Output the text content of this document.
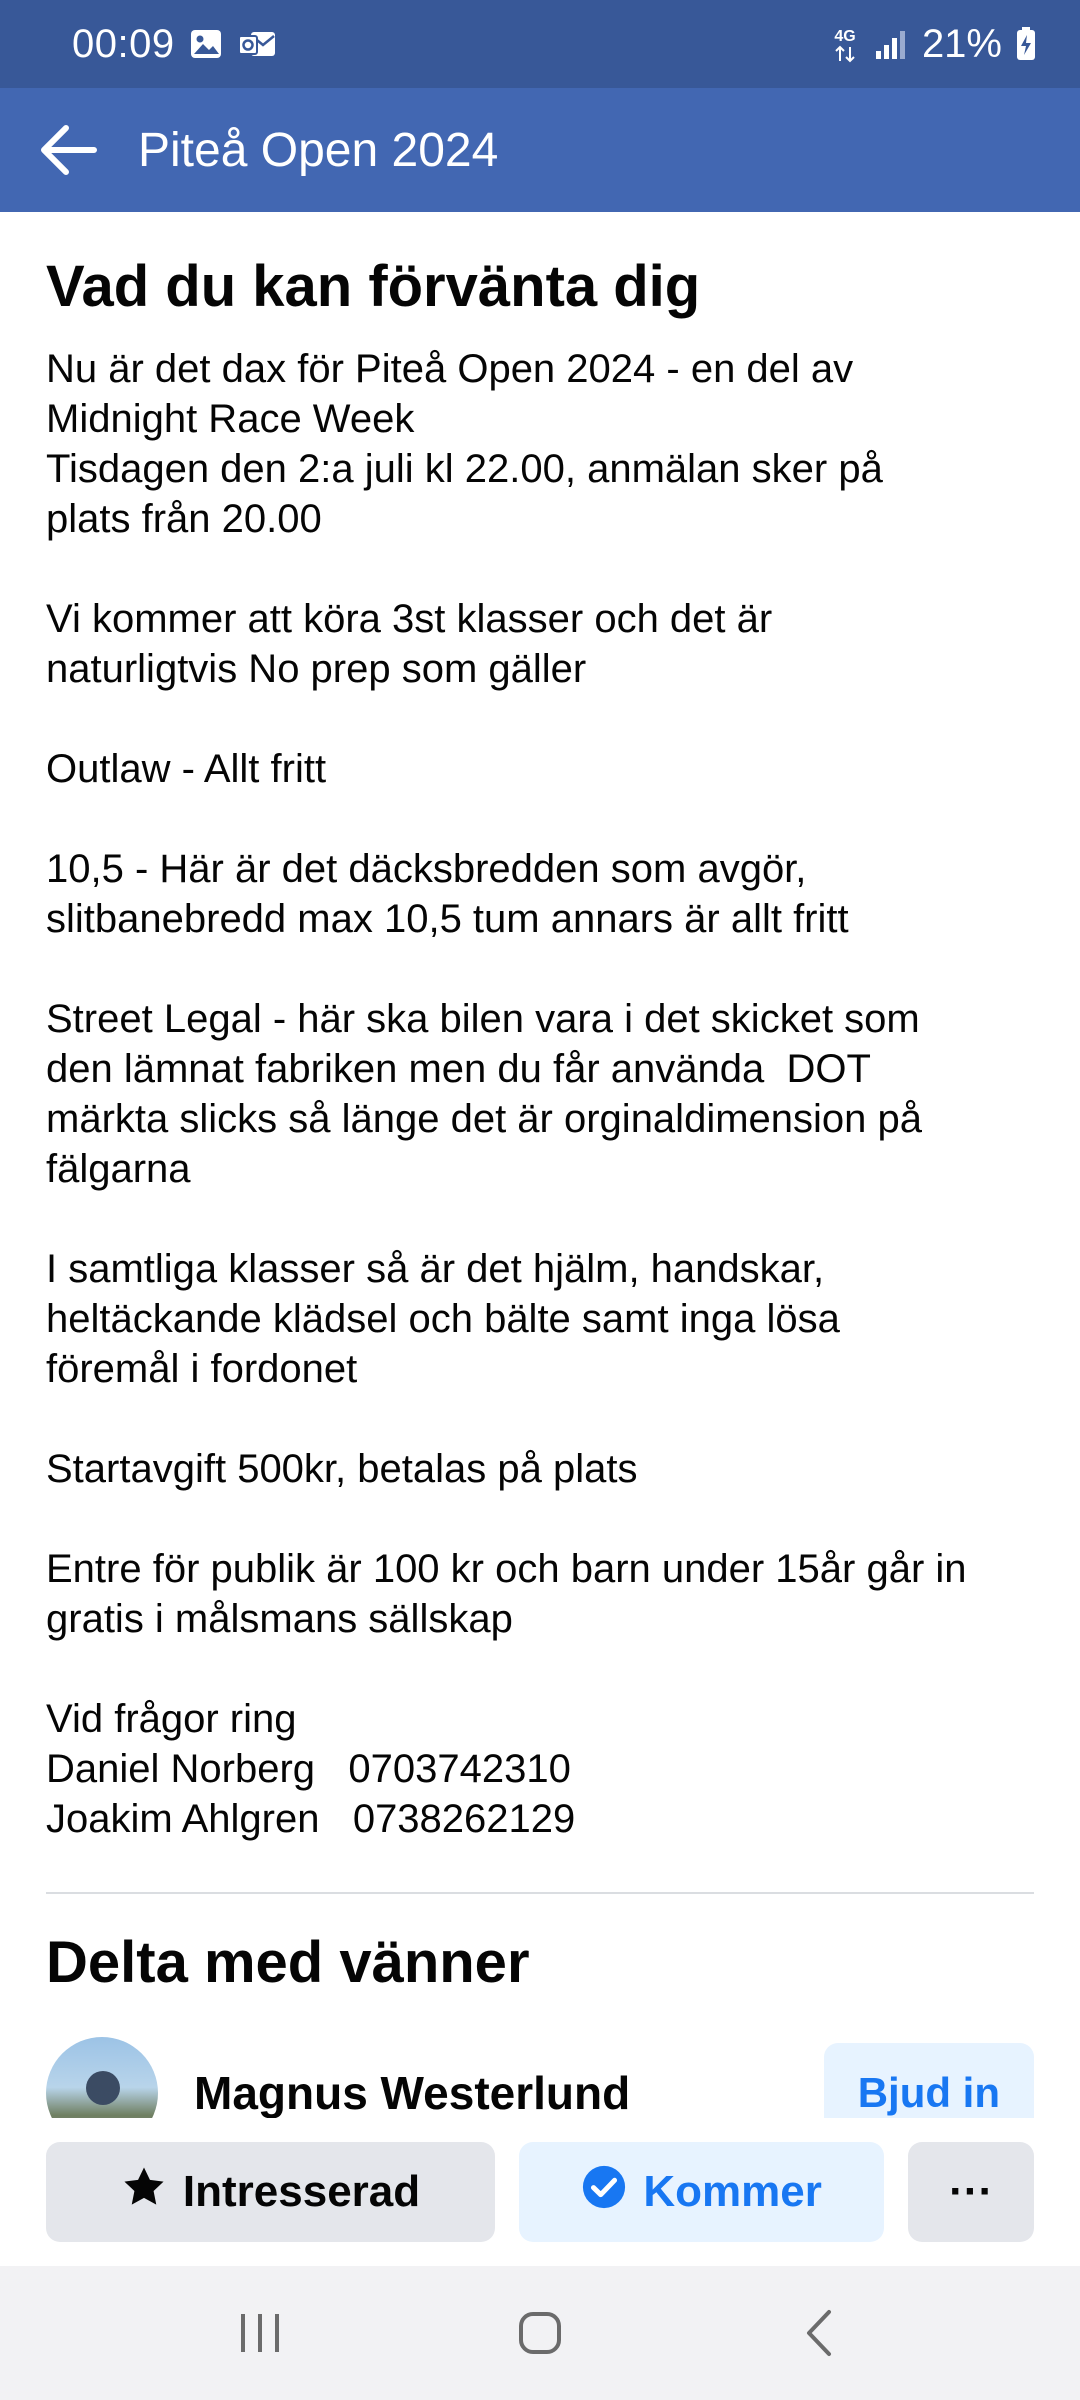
00:09	4G 21%
Piteå Open 2024
Vad du kan förvänta dig
Nu är det dax för Piteå Open 2024 - en del av
Midnight Race Week
Tisdagen den 2:a juli kl 22.00, anmälan sker på
plats från 20.00

Vi kommer att köra 3st klasser och det är
naturligtvis No prep som gäller

Outlaw - Allt fritt

10,5 - Här är det däcksbredden som avgör,
slitbanebredd max 10,5 tum annars är allt fritt

Street Legal - här ska bilen vara i det skicket som
den lämnat fabriken men du får använda  DOT
märkta slicks så länge det är orginaldimension på
fälgarna

I samtliga klasser så är det hjälm, handskar,
heltäckande klädsel och bälte samt inga lösa
föremål i fordonet

Startavgift 500kr, betalas på plats

Entre för publik är 100 kr och barn under 15år går in
gratis i målsmans sällskap

Vid frågor ring
Daniel Norberg   0703742310
Joakim Ahlgren   0738262129
Delta med vänner
Magnus Westerlund	Bjud in
Intresserad	Kommer	···
